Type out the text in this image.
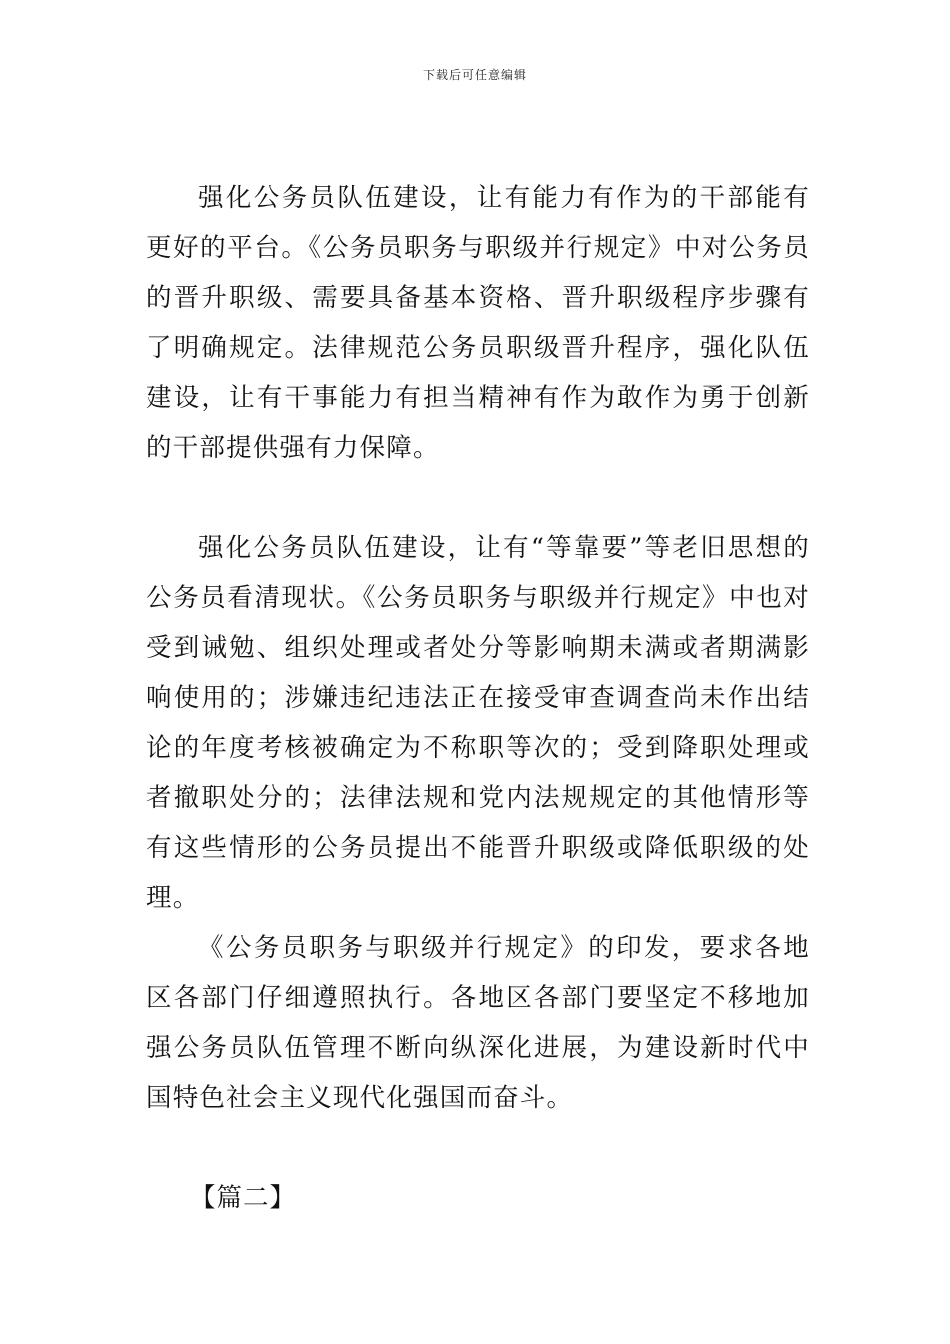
下载后可任意编辑

强化公务员队伍建设，让有能力有作为的干部能有更好的平台。《公务员职务与职级并行规定》中对公务员的晋升职级、需要具备基本资格、晋升职级程序步骤有了明确规定。法律规范公务员职级晋升程序，强化队伍建设，让有干事能力有担当精神有作为敢作为勇于创新的干部提供强有力保障。

强化公务员队伍建设，让有“等靠要”等老旧思想的公务员看清现状。《公务员职务与职级并行规定》中也对受到诫勉、组织处理或者处分等影响期未满或者期满影响使用的；涉嫌违纪违法正在接受审查调查尚未作出结论的年度考核被确定为不称职等次的；受到降职处理或者撤职处分的；法律法规和党内法规规定的其他情形等有这些情形的公务员提出不能晋升职级或降低职级的处理。

《公务员职务与职级并行规定》的印发，要求各地区各部门仔细遵照执行。各地区各部门要坚定不移地加强公务员队伍管理不断向纵深化进展，为建设新时代中国特色社会主义现代化强国而奋斗。

【篇二】
